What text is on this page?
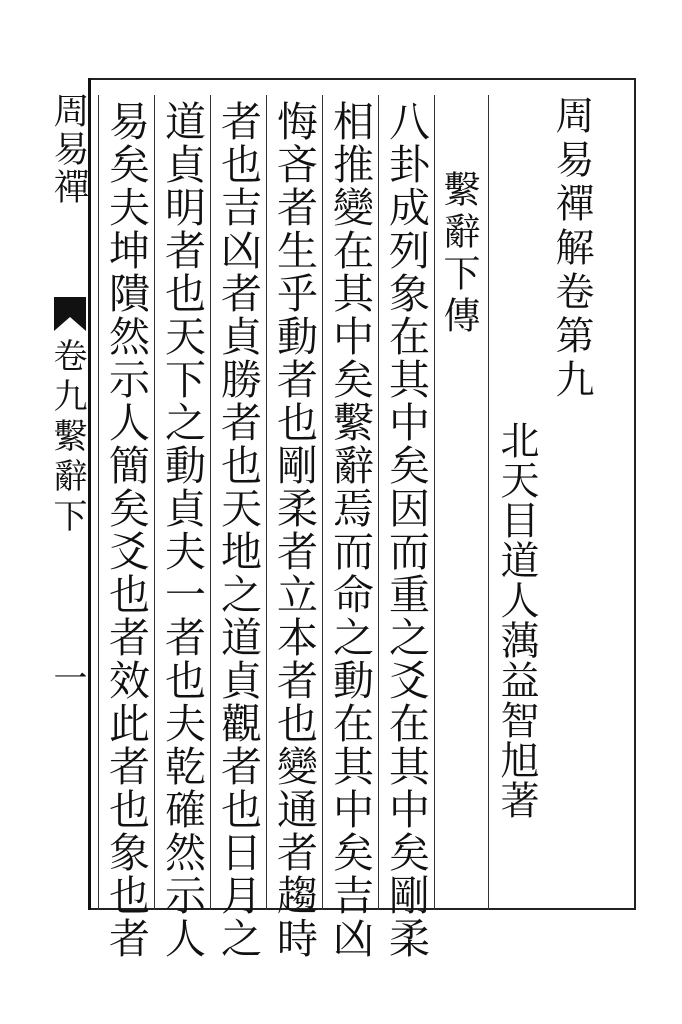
周易禪
卷九繫辭下
一
周易禪解卷第九
北天目道人蕅益智旭著
繫辭下傳
八卦成列象在其中矣因而重之爻在其中矣剛柔
相推變在其中矣繫辭焉而命之動在其中矣吉凶
悔吝者生乎動者也剛柔者立本者也變通者趨時
者也吉凶者貞勝者也天地之道貞觀者也日月之
道貞明者也天下之動貞夫一者也夫乾確然示人
易矣夫坤隤然示人簡矣爻也者效此者也象也者
